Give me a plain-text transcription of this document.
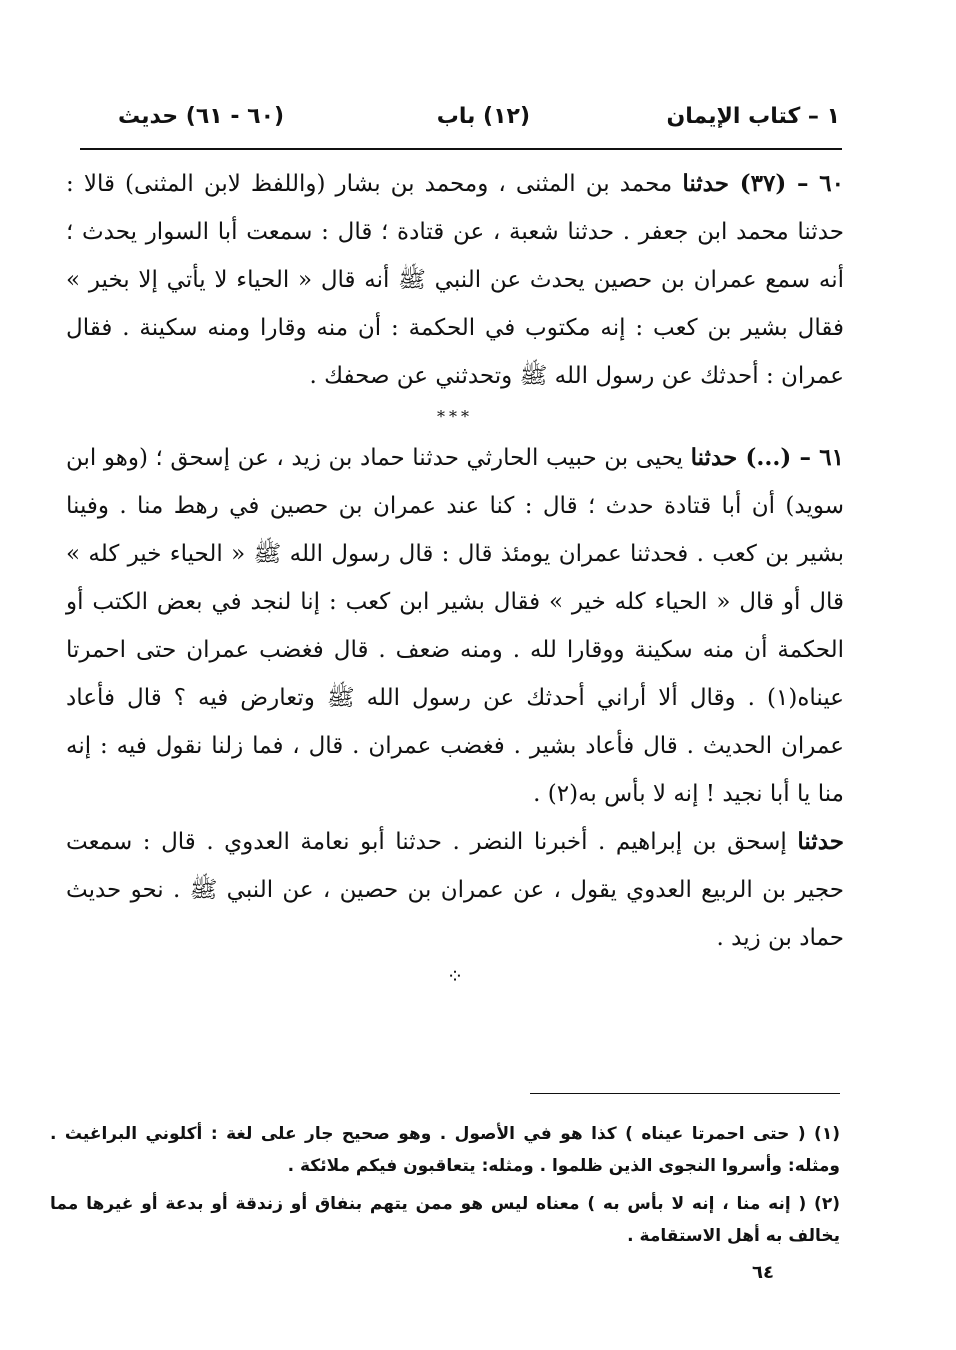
١ – كتاب الإيمان
(١٢) باب
(٦٠ - ٦١) حديث

٦٠ – (٣٧) حدثنا محمد بن المثنى ، ومحمد بن بشار (واللفظ لابن المثنى) قالا : حدثنا محمد ابن جعفر . حدثنا شعبة ، عن قتادة ؛ قال : سمعت أبا السوار يحدث ؛ أنه سمع عمران بن حصين يحدث عن النبي ﷺ أنه قال « الحياء لا يأتي إلا بخير » فقال بشير بن كعب : إنه مكتوب في الحكمة : أن منه وقارا ومنه سكينة . فقال عمران : أحدثك عن رسول الله ﷺ وتحدثني عن صحفك .

***

٦١ – (...) حدثنا يحيى بن حبيب الحارثي حدثنا حماد بن زيد ، عن إسحق ؛ (وهو ابن سويد) أن أبا قتادة حدث ؛ قال : كنا عند عمران بن حصين في رهط منا . وفينا بشير بن كعب . فحدثنا عمران يومئذ قال : قال رسول الله ﷺ « الحياء خير كله » قال أو قال « الحياء كله خير » فقال بشير ابن كعب : إنا لنجد في بعض الكتب أو الحكمة أن منه سكينة ووقارا لله . ومنه ضعف . قال فغضب عمران حتى احمرتا عيناه(١) . وقال ألا أراني أحدثك عن رسول الله ﷺ وتعارض فيه ؟ قال فأعاد عمران الحديث . قال فأعاد بشير . فغضب عمران . قال ، فما زلنا نقول فيه : إنه منا يا أبا نجيد ! إنه لا بأس به(٢) .

حدثنا إسحق بن إبراهيم . أخبرنا النضر . حدثنا أبو نعامة العدوي . قال : سمعت حجير بن الربيع العدوي يقول ، عن عمران بن حصين ، عن النبي ﷺ . نحو حديث حماد بن زيد .

⁘

(١) ( حتى احمرتا عيناه ) كذا هو في الأصول . وهو صحيح جار على لغة : أكلوني البراغيث . ومثله: وأسروا النجوى الذين ظلموا . ومثله: يتعاقبون فيكم ملائكة .

(٢) ( إنه منا ، إنه لا بأس به ) معناه ليس هو ممن يتهم بنفاق أو زندقة أو بدعة أو غيرها مما يخالف به أهل الاستقامة .

٦٤
